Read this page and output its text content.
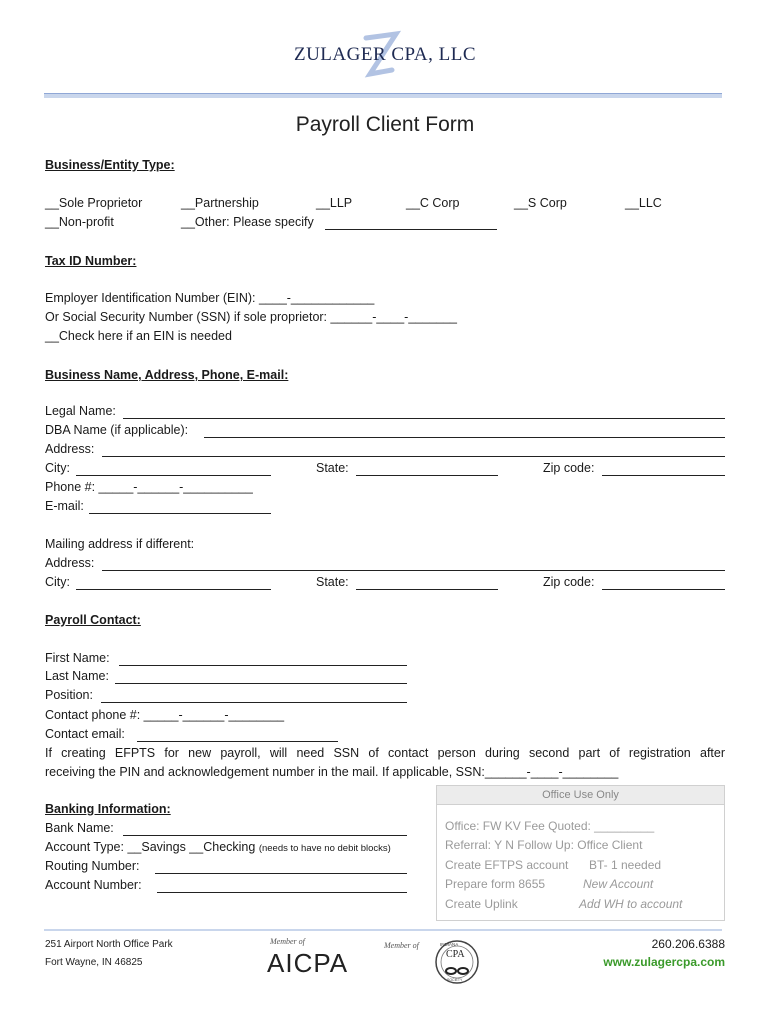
ZULAGER CPA, LLC
Payroll Client Form
Business/Entity Type:
__Sole Proprietor	__Partnership	__LLP	__C Corp	__S Corp	__LLC
__Non-profit	__Other: Please specify
Tax ID Number:
Employer Identification Number (EIN): ____-____________
Or Social Security Number (SSN) if sole proprietor: ______-____-_______
__Check here if an EIN is needed
Business Name, Address, Phone, E-mail:
Legal Name:
DBA Name (if applicable):
Address:
City:	State:	Zip code:
Phone #: _____-______-__________
E-mail:
Mailing address if different:
Address:
City:	State:	Zip code:
Payroll Contact:
First Name:
Last Name:
Position:
Contact phone #: _____-______-________
Contact email:
If creating EFPTS for new payroll, will need SSN of contact person during second part of registration after
receiving the PIN and acknowledgement number in the mail. If applicable, SSN:______-____-________
Banking Information:
Bank Name:
Account Type: __Savings __Checking (needs to have no debit blocks)
Routing Number:
Account Number:
Office Use Only
Office: FW KV Fee Quoted: _________
Referral: Y N Follow Up: Office Client
Create EFTPS account BT- 1 needed
Prepare form 8655	New Account
Create Uplink	Add WH to account
251 Airport North Office Park
Fort Wayne, IN 46825
Member of
AICPA
Member of	INDIANA
CPA
SOCIETY
260.206.6388
www.zulagercpa.com
